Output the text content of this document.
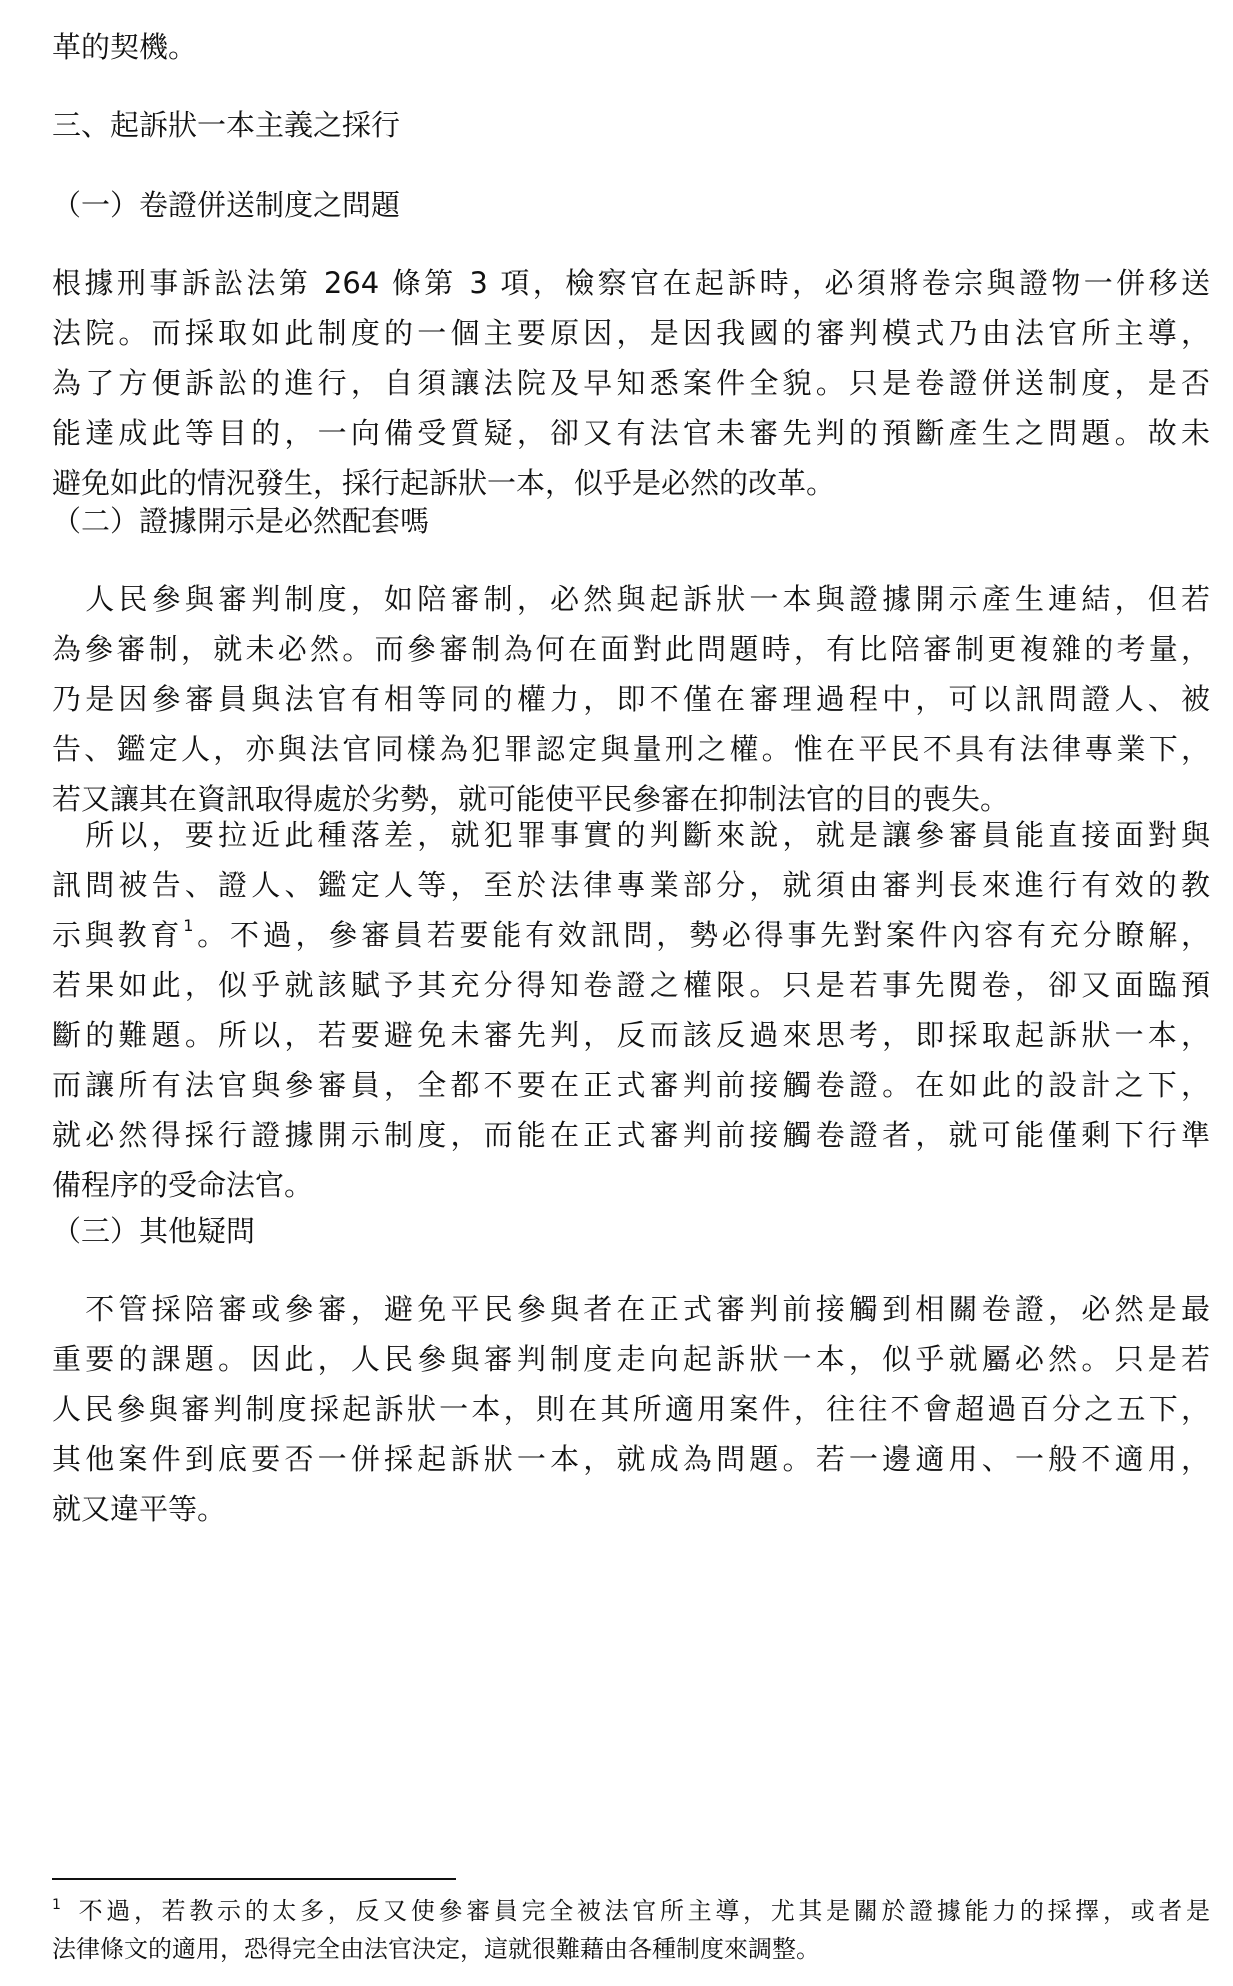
革的契機。
三、起訴狀一本主義之採行
（一）卷證併送制度之問題
根據刑事訴訟法第 264 條第 3 項，檢察官在起訴時，必須將卷宗與證物一併移送
法院。而採取如此制度的一個主要原因，是因我國的審判模式乃由法官所主導，
為了方便訴訟的進行，自須讓法院及早知悉案件全貌。只是卷證併送制度，是否
能達成此等目的，一向備受質疑，卻又有法官未審先判的預斷產生之問題。故未
避免如此的情況發生，採行起訴狀一本，似乎是必然的改革。
（二）證據開示是必然配套嗎
　人民參與審判制度，如陪審制，必然與起訴狀一本與證據開示產生連結，但若
為參審制，就未必然。而參審制為何在面對此問題時，有比陪審制更複雜的考量，
乃是因參審員與法官有相等同的權力，即不僅在審理過程中，可以訊問證人、被
告、鑑定人，亦與法官同樣為犯罪認定與量刑之權。惟在平民不具有法律專業下，
若又讓其在資訊取得處於劣勢，就可能使平民參審在抑制法官的目的喪失。
　所以，要拉近此種落差，就犯罪事實的判斷來說，就是讓參審員能直接面對與
訊問被告、證人、鑑定人等，至於法律專業部分，就須由審判長來進行有效的教
示與教育$^1$。不過，參審員若要能有效訊問，勢必得事先對案件內容有充分瞭解，
若果如此，似乎就該賦予其充分得知卷證之權限。只是若事先閱卷，卻又面臨預
斷的難題。所以，若要避免未審先判，反而該反過來思考，即採取起訴狀一本，
而讓所有法官與參審員，全都不要在正式審判前接觸卷證。在如此的設計之下，
就必然得採行證據開示制度，而能在正式審判前接觸卷證者，就可能僅剩下行準
備程序的受命法官。
（三）其他疑問
　不管採陪審或參審，避免平民參與者在正式審判前接觸到相關卷證，必然是最
重要的課題。因此，人民參與審判制度走向起訴狀一本，似乎就屬必然。只是若
人民參與審判制度採起訴狀一本，則在其所適用案件，往往不會超過百分之五下，
其他案件到底要否一併採起訴狀一本，就成為問題。若一邊適用、一般不適用，
就又違平等。
$^1$ 不過，若教示的太多，反又使參審員完全被法官所主導，尤其是關於證據能力的採擇，或者是
法律條文的適用，恐得完全由法官決定，這就很難藉由各種制度來調整。
